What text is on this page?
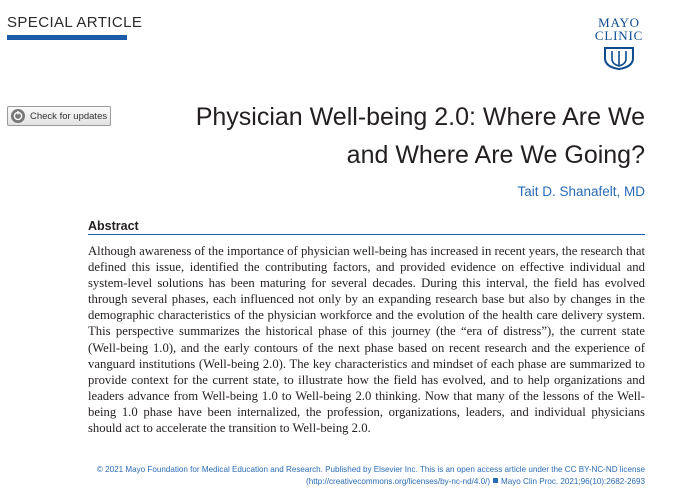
SPECIAL ARTICLE	MAYO
CLINIC
Check for updates	Physician Well-being 2.0: Where Are We
and Where Are We Going?
Tait D. Shanafelt, MD
Abstract

Although awareness of the importance of physician well-being has increased in recent years, the research that defined this issue, identified the contributing factors, and provided evidence on effective individual and system-level solutions has been maturing for several decades. During this interval, the field has evolved through several phases, each influenced not only by an expanding research base but also by changes in the demographic characteristics of the physician workforce and the evolution of the health care delivery system. This perspective summarizes the historical phase of this journey (the “era of distress”), the current state (Well-being 1.0), and the early contours of the next phase based on recent research and the experience of vanguard institutions (Well-being 2.0). The key characteristics and mindset of each phase are summarized to provide context for the current state, to illustrate how the field has evolved, and to help organizations and leaders advance from Well-being 1.0 to Well-being 2.0 thinking. Now that many of the lessons of the Well-being 1.0 phase have been internalized, the profession, organizations, leaders, and individual physicians should act to accelerate the transition to Well-being 2.0.

© 2021 Mayo Foundation for Medical Education and Research. Published by Elsevier Inc. This is an open access article under the CC BY-NC-ND license
(http://creativecommons.org/licenses/by-nc-nd/4.0/) Mayo Clin Proc. 2021;96(10):2682-2693
